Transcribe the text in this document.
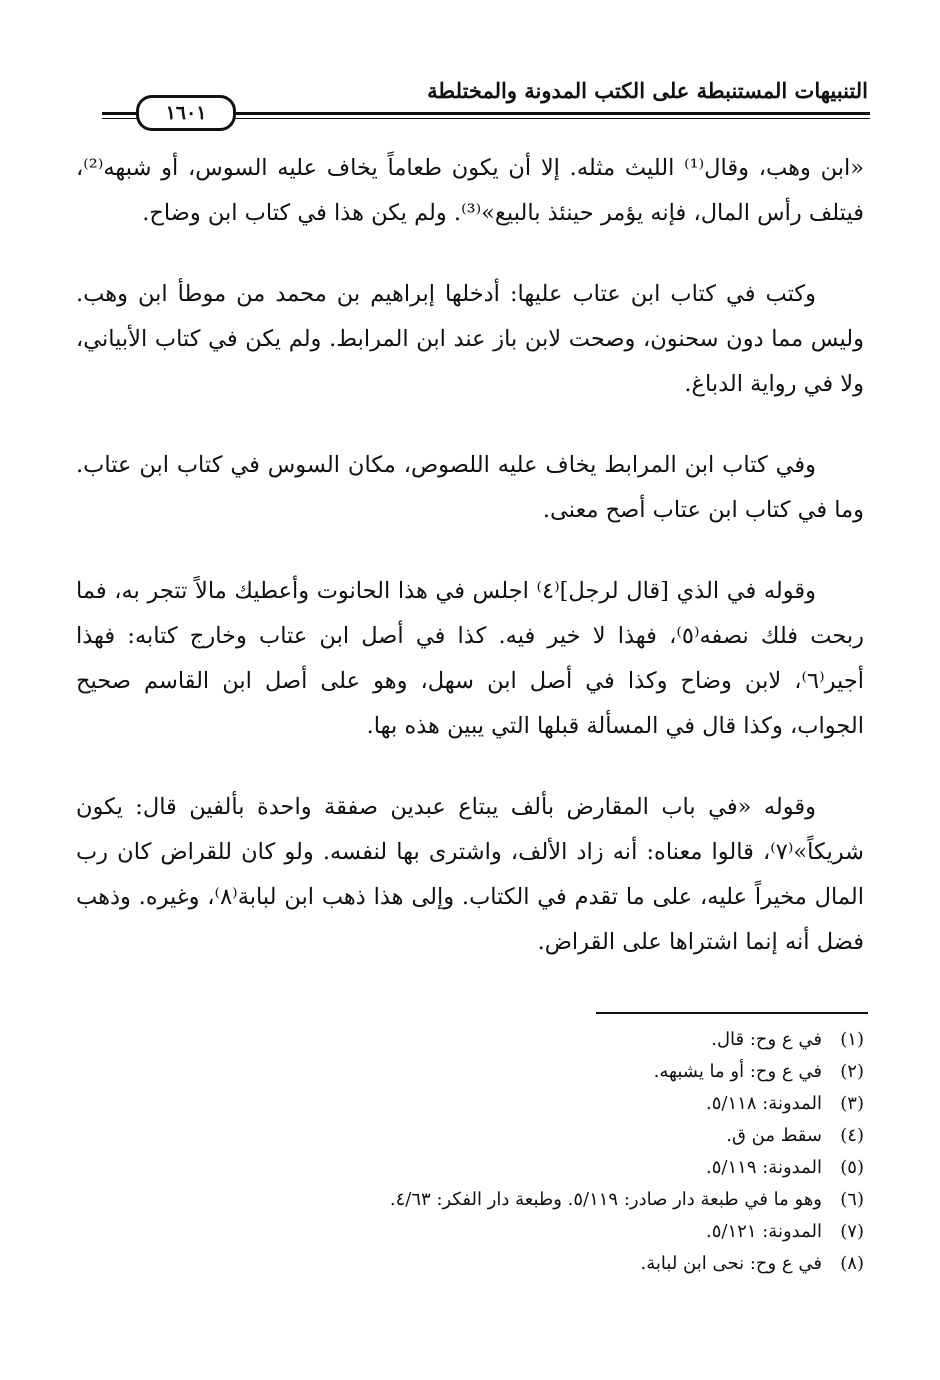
التنبيهات المستنبطة على الكتب المدونة والمختلطة
١٦٠١

«ابن وهب، وقال⁽¹⁾ الليث مثله. إلا أن يكون طعاماً يخاف عليه السوس، أو شبهه⁽²⁾، فيتلف رأس المال، فإنه يؤمر حينئذ بالبيع»⁽³⁾. ولم يكن هذا في كتاب ابن وضاح.

وكتب في كتاب ابن عتاب عليها: أدخلها إبراهيم بن محمد من موطأ ابن وهب. وليس مما دون سحنون، وصحت لابن باز عند ابن المرابط. ولم يكن في كتاب الأبياني، ولا في رواية الدباغ.

وفي كتاب ابن المرابط يخاف عليه اللصوص، مكان السوس في كتاب ابن عتاب. وما في كتاب ابن عتاب أصح معنى.

وقوله في الذي [قال لرجل]⁽٤⁾ اجلس في هذا الحانوت وأعطيك مالاً تتجر به، فما ربحت فلك نصفه⁽٥⁾، فهذا لا خير فيه. كذا في أصل ابن عتاب وخارج كتابه: فهذا أجير⁽٦⁾، لابن وضاح وكذا في أصل ابن سهل، وهو على أصل ابن القاسم صحيح الجواب، وكذا قال في المسألة قبلها التي يبين هذه بها.

وقوله «في باب المقارض بألف يبتاع عبدين صفقة واحدة بألفين قال: يكون شريكاً»⁽٧⁾، قالوا معناه: أنه زاد الألف، واشترى بها لنفسه. ولو كان للقراض كان رب المال مخيراً عليه، على ما تقدم في الكتاب. وإلى هذا ذهب ابن لبابة⁽٨⁾، وغيره. وذهب فضل أنه إنما اشتراها على القراض.

(١)
في ع وح: قال.
(٢)
في ع وح: أو ما يشبهه.
(٣)
المدونة: ٥/١١٨.
(٤)
سقط من ق.
(٥)
المدونة: ٥/١١٩.
(٦)
وهو ما في طبعة دار صادر: ٥/١١٩. وطبعة دار الفكر: ٤/٦٣.
(٧)
المدونة: ٥/١٢١.
(٨)
في ع وح: نحى ابن لبابة.
